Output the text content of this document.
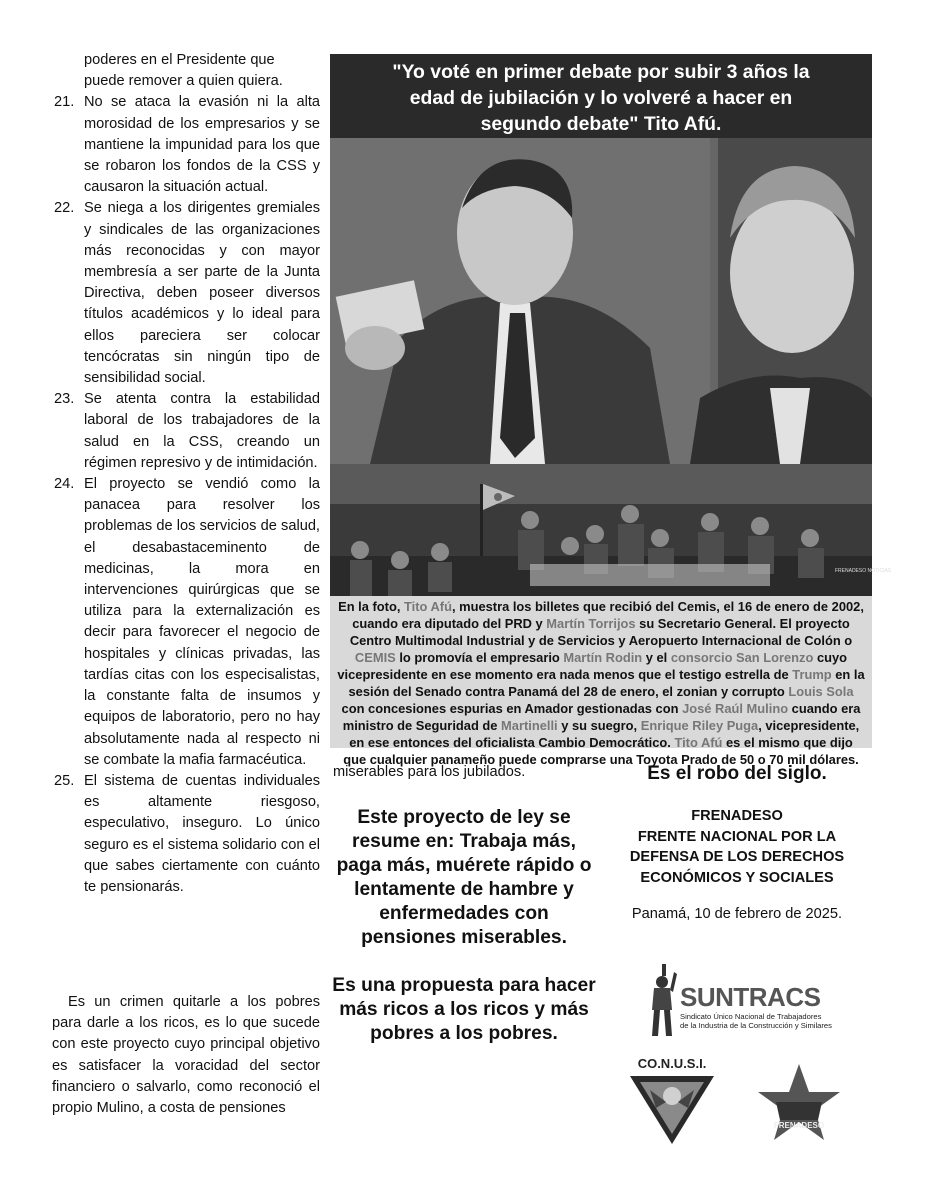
poderes en el Presidente que
puede remover a quien quiera.
21. No se ataca la evasión ni la alta morosidad de los empresarios y se mantiene la impunidad para los que se robaron los fondos de la CSS y causaron la situación actual.
22. Se niega a los dirigentes gremiales y sindicales de las organizaciones más reconocidas y con mayor membresía a ser parte de la Junta Directiva, deben poseer diversos títulos académicos y lo ideal para ellos pareciera ser colocar tencócratas sin ningún tipo de sensibilidad social.
23. Se atenta contra la estabilidad laboral de los trabajadores de la salud en la CSS, creando un régimen represivo y de intimidación.
24. El proyecto se vendió como la panacea para resolver los problemas de los servicios de salud, el desabastaceminento de medicinas, la mora en intervenciones quirúrgicas que se utiliza para la externalización es decir para favorecer el negocio de hospitales y clínicas privadas, las tardías citas con los especisalistas, la constante falta de insumos y equipos de laboratorio, pero no hay absolutamente nada al respecto ni se combate la mafia farmacéutica.
25. El sistema de cuentas individuales es altamente riesgoso, especulativo, inseguro. Lo único seguro es el sistema solidario con el que sabes ciertamente con cuánto te pensionarás.
Es un crimen quitarle a los pobres para darle a los ricos, es lo que sucede con este proyecto cuyo principal objetivo es satisfacer la voracidad del sector financiero o salvarlo, como reconoció el propio Mulino, a costa de pensiones
"Yo voté en primer debate por subir 3 años la
edad de jubilación y lo volveré a hacer en
segundo debate" Tito Afú.
FRENADESO NOTICIAS
En la foto, Tito Afú, muestra los billetes que recibió del Cemis, el 16 de enero de 2002, cuando era diputado del PRD y Martín Torrijos su Secretario General. El proyecto Centro Multimodal Industrial y de Servicios y Aeropuerto Internacional de Colón o CEMIS lo promovía el empresario Martín Rodin y el consorcio San Lorenzo cuyo vicepresidente en ese momento era nada menos que el testigo estrella de Trump en la sesión del Senado contra Panamá del 28 de enero, el zonian y corrupto Louis Sola con concesiones espurias en Amador gestionadas con José Raúl Mulino cuando era ministro de Seguridad de Martinelli y su suegro, Enrique Riley Puga, vicepresidente, en ese entonces del oficialista Cambio Democrático. Tito Afú es el mismo que dijo que cualquier panameño puede comprarse una Toyota Prado de 50 o 70 mil dólares.
miserables para los jubilados.

Este proyecto de ley se resume en: Trabaja más, paga más, muérete rápido o lentamente de hambre y enfermedades con pensiones miserables.

Es una propuesta para hacer más ricos a los ricos y más pobres a los pobres.

Es el robo del siglo.
FRENADESO
FRENTE NACIONAL POR LA
DEFENSA DE LOS DERECHOS
ECONÓMICOS Y SOCIALES
Panamá, 10 de febrero de 2025.
SUNTRACS
Sindicato Único Nacional de Trabajadores
de la Industria de la Construcción y Similares
CO.N.U.S.I.
FRENADESO
